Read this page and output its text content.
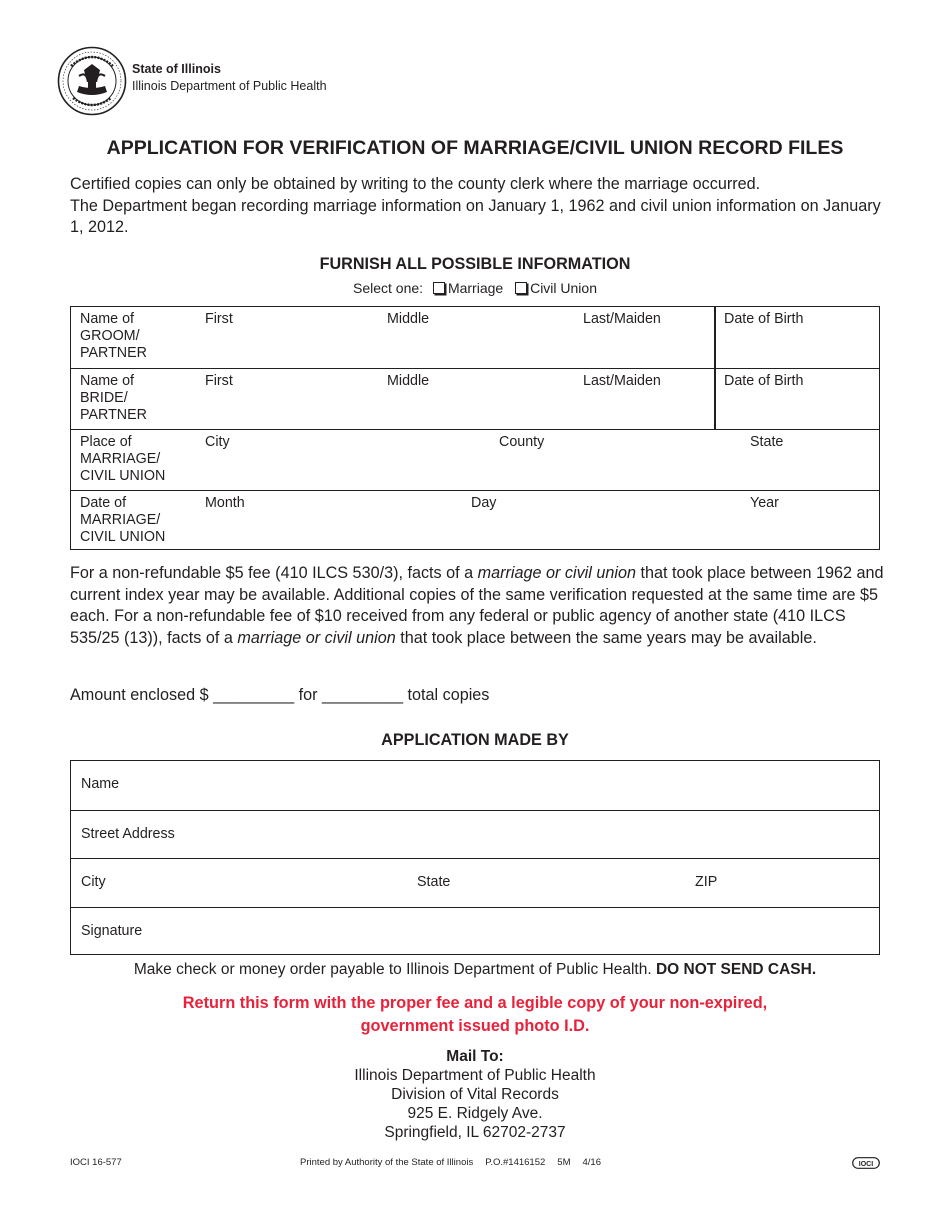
State of Illinois
Illinois Department of Public Health
APPLICATION FOR VERIFICATION OF MARRIAGE/CIVIL UNION RECORD FILES

Certified copies can only be obtained by writing to the county clerk where the marriage occurred.

The Department began recording marriage information on January 1, 1962 and civil union information on January 1, 2012.

FURNISH ALL POSSIBLE INFORMATION
Select one: Marriage Civil Union
Name of
GROOM/
PARTNER
First	Middle	Last/Maiden	Date of Birth
Name of
BRIDE/
PARTNER
First	Middle	Last/Maiden	Date of Birth
Place of
MARRIAGE/
CIVIL UNION
City	County	State
Date of
MARRIAGE/
CIVIL UNION
Month	Day	Year
For a non-refundable $5 fee (410 ILCS 530/3), facts of a marriage or civil union that took place between 1962 and current index year may be available. Additional copies of the same verification requested at the same time are $5 each. For a non-refundable fee of $10 received from any federal or public agency of another state (410 ILCS 535/25 (13)), facts of a marriage or civil union that took place between the same years may be available.
Amount enclosed $ _________ for _________ total copies
APPLICATION MADE BY
Name
Street Address
City	State	ZIP
Signature
Make check or money order payable to Illinois Department of Public Health. DO NOT SEND CASH.
Return this form with the proper fee and a legible copy of your non-expired,
government issued photo I.D.
Mail To:
Illinois Department of Public Health
Division of Vital Records
925 E. Ridgely Ave.
Springfield, IL 62702-2737
IOCI 16-577	Printed by Authority of the State of Illinois P.O.#1416152 5M 4/16	IOCI
